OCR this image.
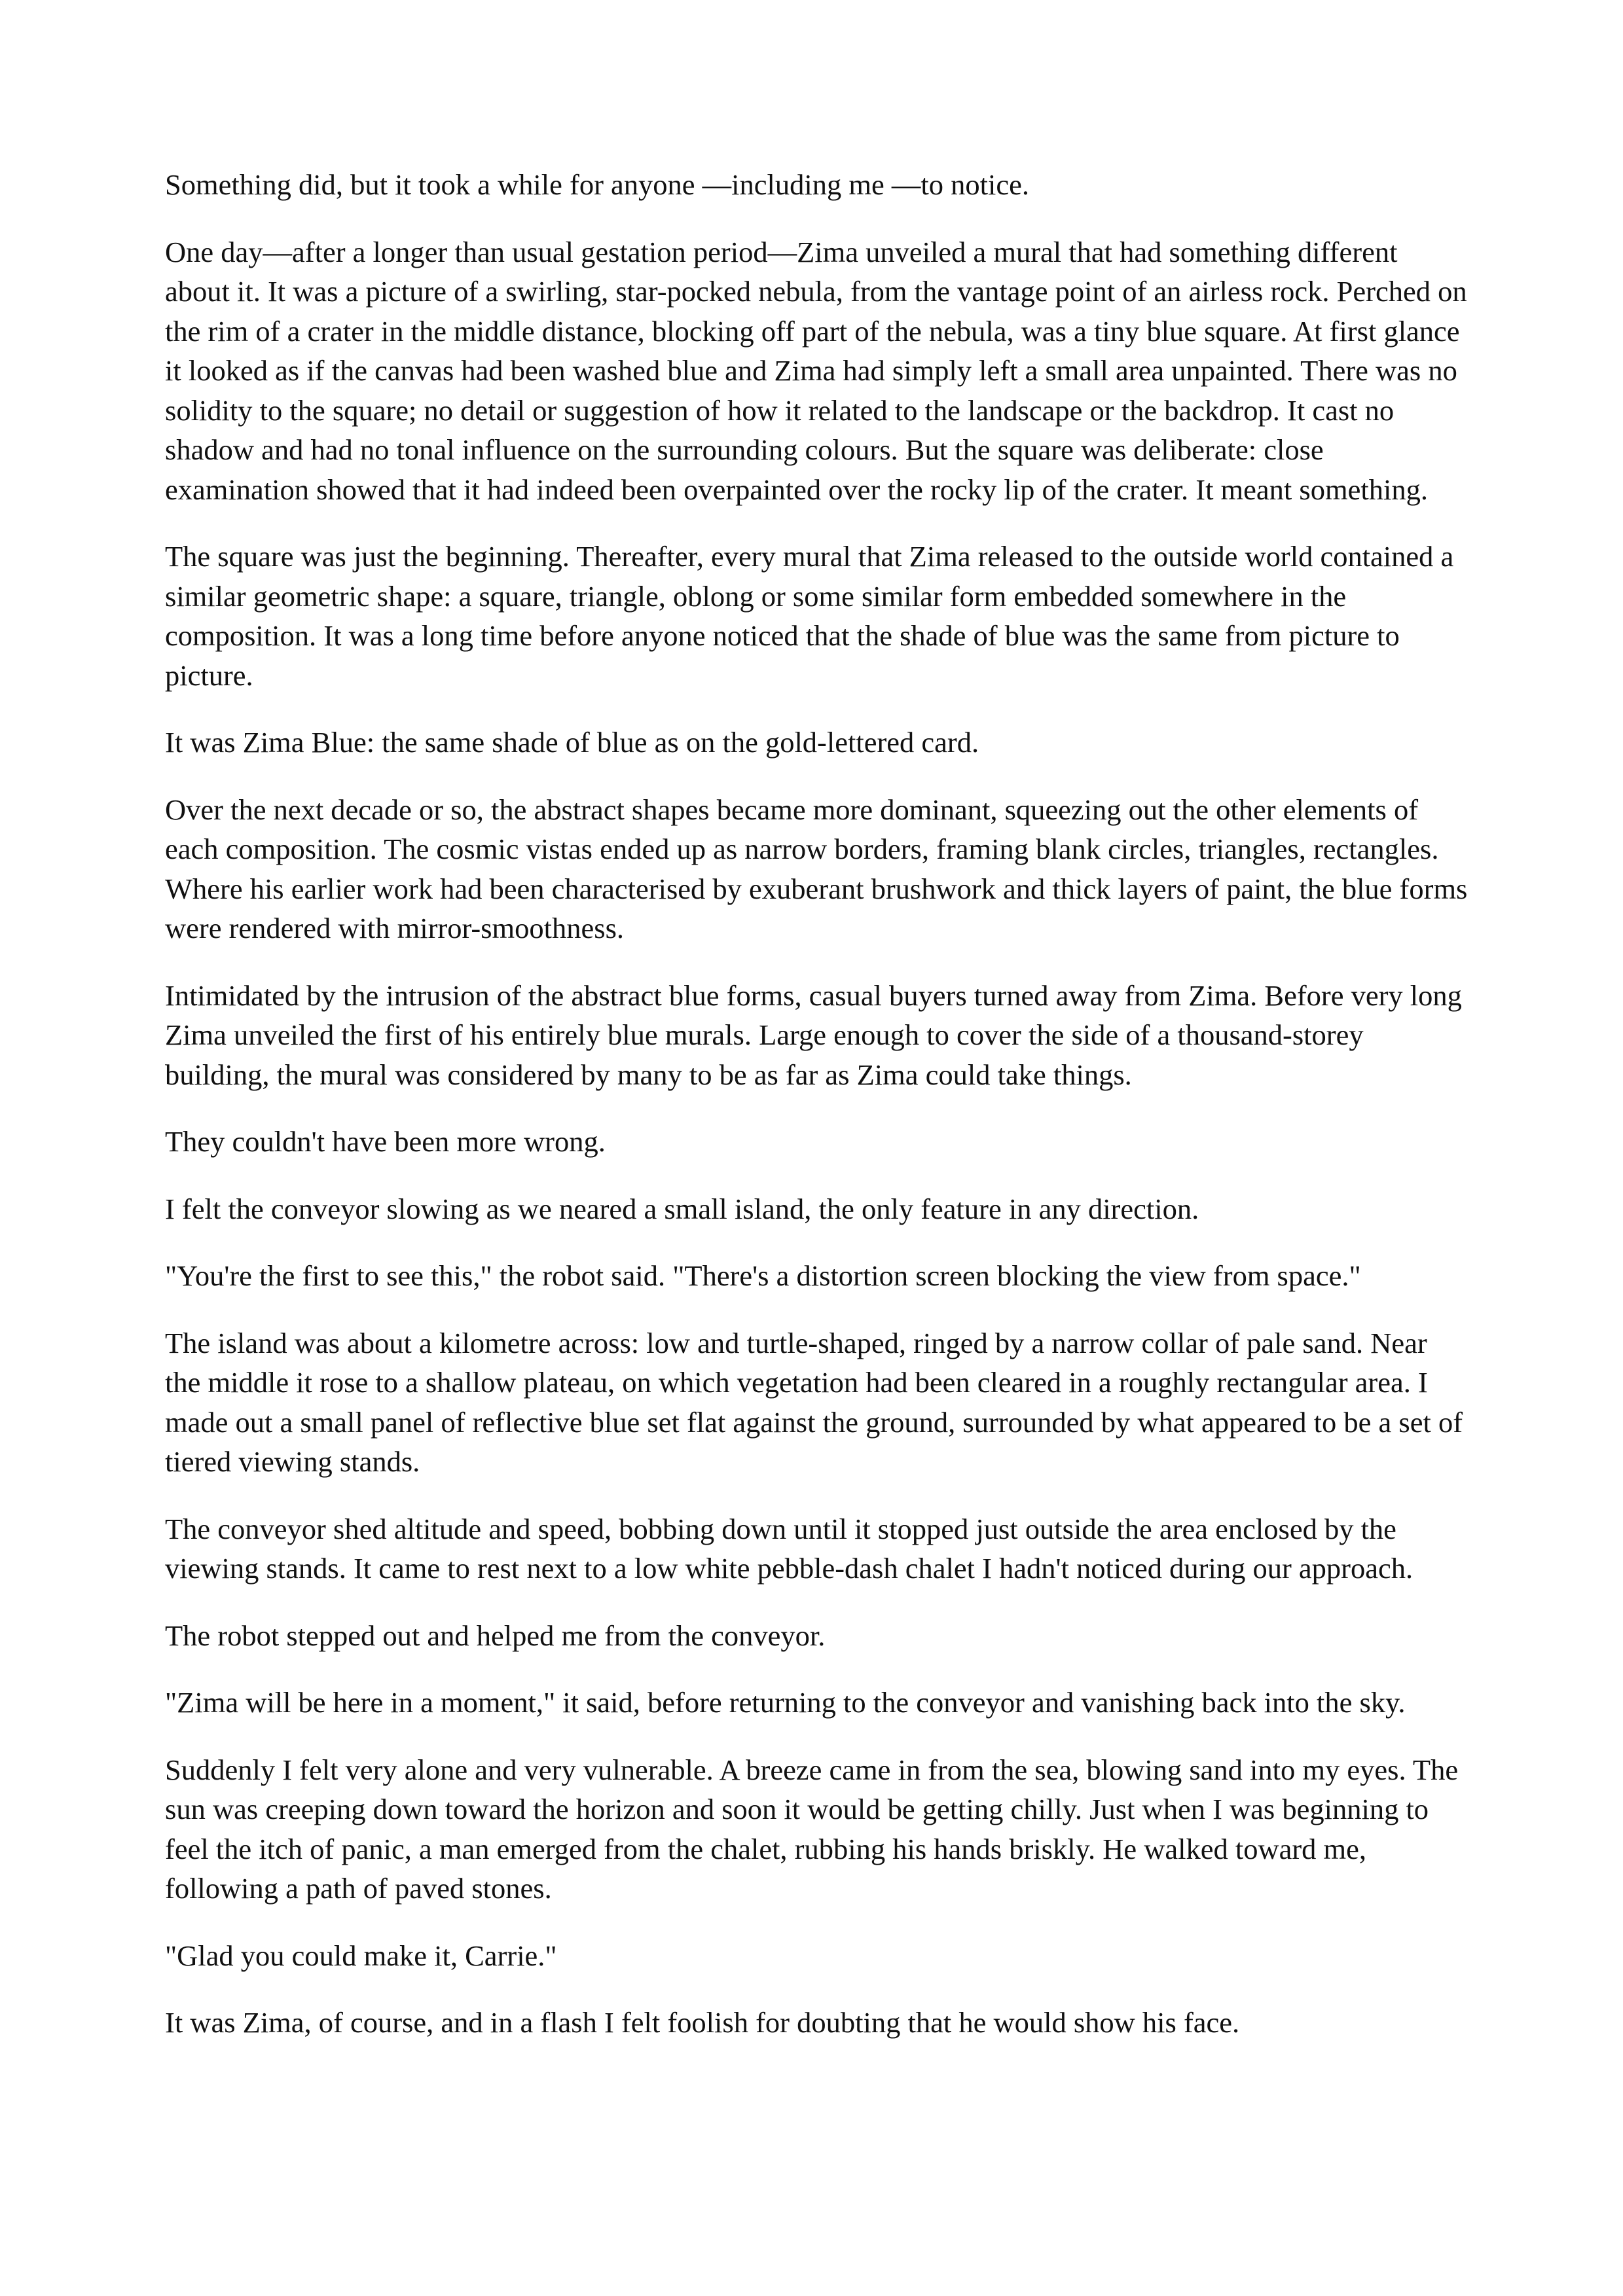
Something did, but it took a while for anyone —including me —to notice.

One day—after a longer than usual gestation period—Zima unveiled a mural that had something different about it. It was a picture of a swirling, star-pocked nebula, from the vantage point of an airless rock. Perched on the rim of a crater in the middle distance, blocking off part of the nebula, was a tiny blue square. At first glance it looked as if the canvas had been washed blue and Zima had simply left a small area unpainted. There was no solidity to the square; no detail or suggestion of how it related to the landscape or the backdrop. It cast no shadow and had no tonal influence on the surrounding colours. But the square was deliberate: close examination showed that it had indeed been overpainted over the rocky lip of the crater. It meant something.

The square was just the beginning. Thereafter, every mural that Zima released to the outside world contained a similar geometric shape: a square, triangle, oblong or some similar form embedded somewhere in the composition. It was a long time before anyone noticed that the shade of blue was the same from picture to picture.

It was Zima Blue: the same shade of blue as on the gold-lettered card.

Over the next decade or so, the abstract shapes became more dominant, squeezing out the other elements of each composition. The cosmic vistas ended up as narrow borders, framing blank circles, triangles, rectangles. Where his earlier work had been characterised by exuberant brushwork and thick layers of paint, the blue forms were rendered with mirror-smoothness.

Intimidated by the intrusion of the abstract blue forms, casual buyers turned away from Zima. Before very long Zima unveiled the first of his entirely blue murals. Large enough to cover the side of a thousand-storey building, the mural was considered by many to be as far as Zima could take things.

They couldn't have been more wrong.

I felt the conveyor slowing as we neared a small island, the only feature in any direction.

"You're the first to see this," the robot said. "There's a distortion screen blocking the view from space."

The island was about a kilometre across: low and turtle-shaped, ringed by a narrow collar of pale sand. Near the middle it rose to a shallow plateau, on which vegetation had been cleared in a roughly rectangular area. I made out a small panel of reflective blue set flat against the ground, surrounded by what appeared to be a set of tiered viewing stands.

The conveyor shed altitude and speed, bobbing down until it stopped just outside the area enclosed by the viewing stands. It came to rest next to a low white pebble-dash chalet I hadn't noticed during our approach.

The robot stepped out and helped me from the conveyor.

"Zima will be here in a moment," it said, before returning to the conveyor and vanishing back into the sky.

Suddenly I felt very alone and very vulnerable. A breeze came in from the sea, blowing sand into my eyes. The sun was creeping down toward the horizon and soon it would be getting chilly. Just when I was beginning to feel the itch of panic, a man emerged from the chalet, rubbing his hands briskly. He walked toward me, following a path of paved stones.

"Glad you could make it, Carrie."

It was Zima, of course, and in a flash I felt foolish for doubting that he would show his face.
